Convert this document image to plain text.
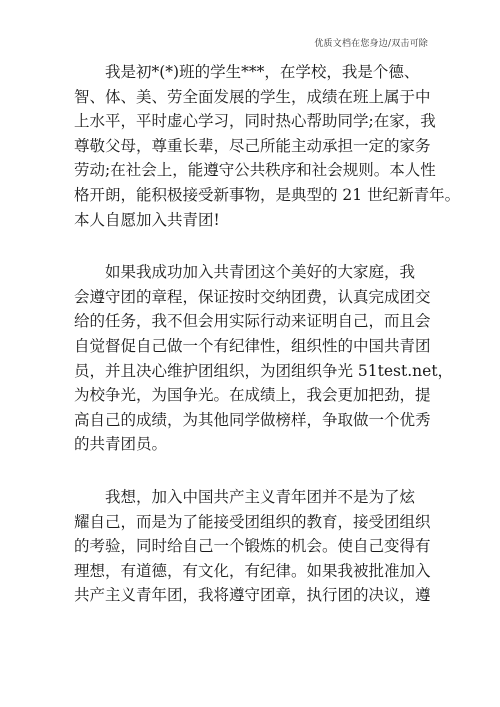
优质文档在您身边/双击可除

我是初*(*)班的学生***，在学校，我是个德、
智、体、美、劳全面发展的学生，成绩在班上属于中
上水平，平时虚心学习，同时热心帮助同学;在家，我
尊敬父母，尊重长辈，尽己所能主动承担一定的家务
劳动;在社会上，能遵守公共秩序和社会规则。本人性
格开朗，能积极接受新事物，是典型的 21 世纪新青年。
本人自愿加入共青团!

如果我成功加入共青团这个美好的大家庭，我
会遵守团的章程，保证按时交纳团费，认真完成团交
给的任务，我不但会用实际行动来证明自己，而且会
自觉督促自己做一个有纪律性，组织性的中国共青团
员，并且决心维护团组织，为团组织争光 51test.net，
为校争光，为国争光。在成绩上，我会更加把劲，提
高自己的成绩，为其他同学做榜样，争取做一个优秀
的共青团员。

我想，加入中国共产主义青年团并不是为了炫
耀自己，而是为了能接受团组织的教育，接受团组织
的考验，同时给自己一个锻炼的机会。使自己变得有
理想，有道德，有文化，有纪律。如果我被批准加入
共产主义青年团，我将遵守团章，执行团的决议，遵
